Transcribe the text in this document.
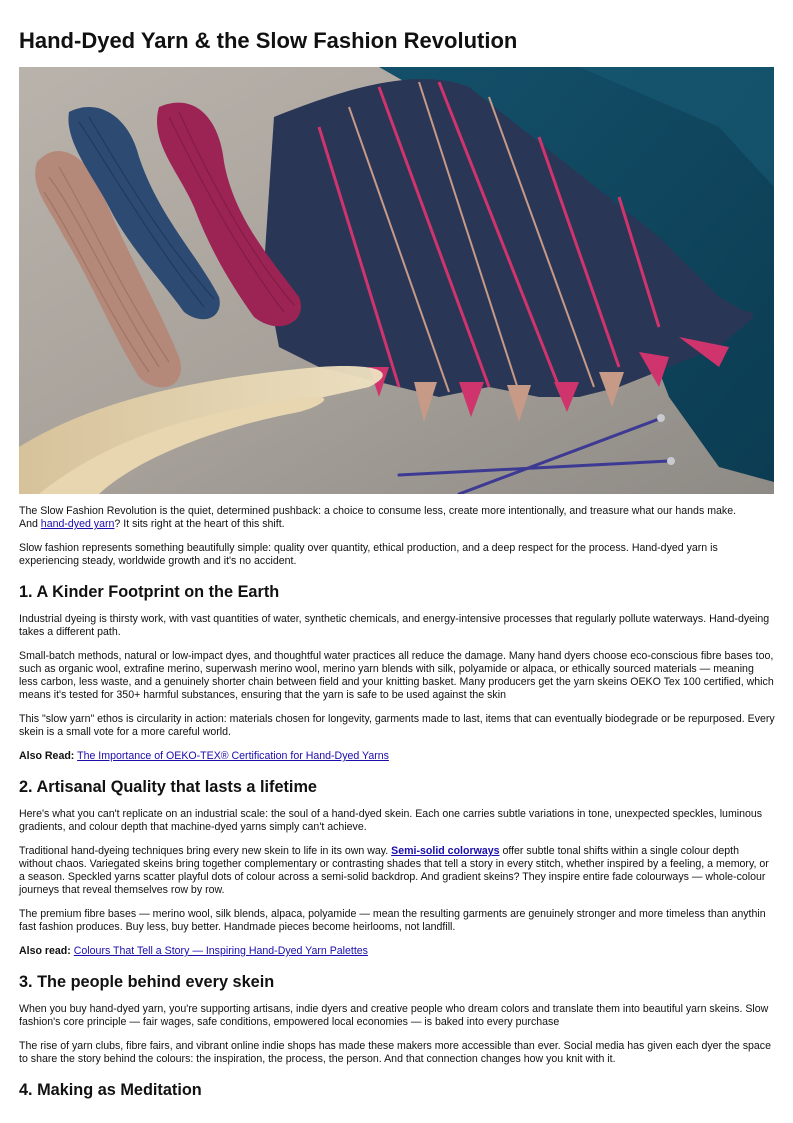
Hand-Dyed Yarn & the Slow Fashion Revolution

The Slow Fashion Revolution is the quiet, determined pushback: a choice to consume less, create more intentionally, and treasure what our hands make.
And hand-dyed yarn? It sits right at the heart of this shift.

Slow fashion represents something beautifully simple: quality over quantity, ethical production, and a deep respect for the process. Hand-dyed yarn is experiencing steady, worldwide growth and it's no accident.

1. A Kinder Footprint on the Earth

Industrial dyeing is thirsty work, with vast quantities of water, synthetic chemicals, and energy-intensive processes that regularly pollute waterways. Hand-dyeing takes a different path.

Small-batch methods, natural or low-impact dyes, and thoughtful water practices all reduce the damage. Many hand dyers choose eco-conscious fibre bases too, such as organic wool, extrafine merino, superwash merino wool, merino yarn blends with silk, polyamide or alpaca, or ethically sourced materials — meaning less carbon, less waste, and a genuinely shorter chain between field and your knitting basket. Many producers get the yarn skeins OEKO Tex 100 certified, which means it's tested for 350+ harmful substances, ensuring that the yarn is safe to be used against the skin

This "slow yarn" ethos is circularity in action: materials chosen for longevity, garments made to last, items that can eventually biodegrade or be repurposed. Every skein is a small vote for a more careful world.

Also Read: The Importance of OEKO-TEX® Certification for Hand-Dyed Yarns

2. Artisanal Quality that lasts a lifetime

Here's what you can't replicate on an industrial scale: the soul of a hand-dyed skein. Each one carries subtle variations in tone, unexpected speckles, luminous gradients, and colour depth that machine-dyed yarns simply can't achieve.

Traditional hand-dyeing techniques bring every new skein to life in its own way. Semi-solid colorways offer subtle tonal shifts within a single colour depth without chaos. Variegated skeins bring together complementary or contrasting shades that tell a story in every stitch, whether inspired by a feeling, a memory, or a season. Speckled yarns scatter playful dots of colour across a semi-solid backdrop. And gradient skeins? They inspire entire fade colourways — whole-colour journeys that reveal themselves row by row.

The premium fibre bases — merino wool, silk blends, alpaca, polyamide — mean the resulting garments are genuinely stronger and more timeless than anythin fast fashion produces. Buy less, buy better. Handmade pieces become heirlooms, not landfill.

Also read: Colours That Tell a Story — Inspiring Hand-Dyed Yarn Palettes

3. The people behind every skein

When you buy hand-dyed yarn, you're supporting artisans, indie dyers and creative people who dream colors and translate them into beautiful yarn skeins. Slow fashion's core principle — fair wages, safe conditions, empowered local economies — is baked into every purchase

The rise of yarn clubs, fibre fairs, and vibrant online indie shops has made these makers more accessible than ever. Social media has given each dyer the space to share the story behind the colours: the inspiration, the process, the person. And that connection changes how you knit with it.

4. Making as Meditation
